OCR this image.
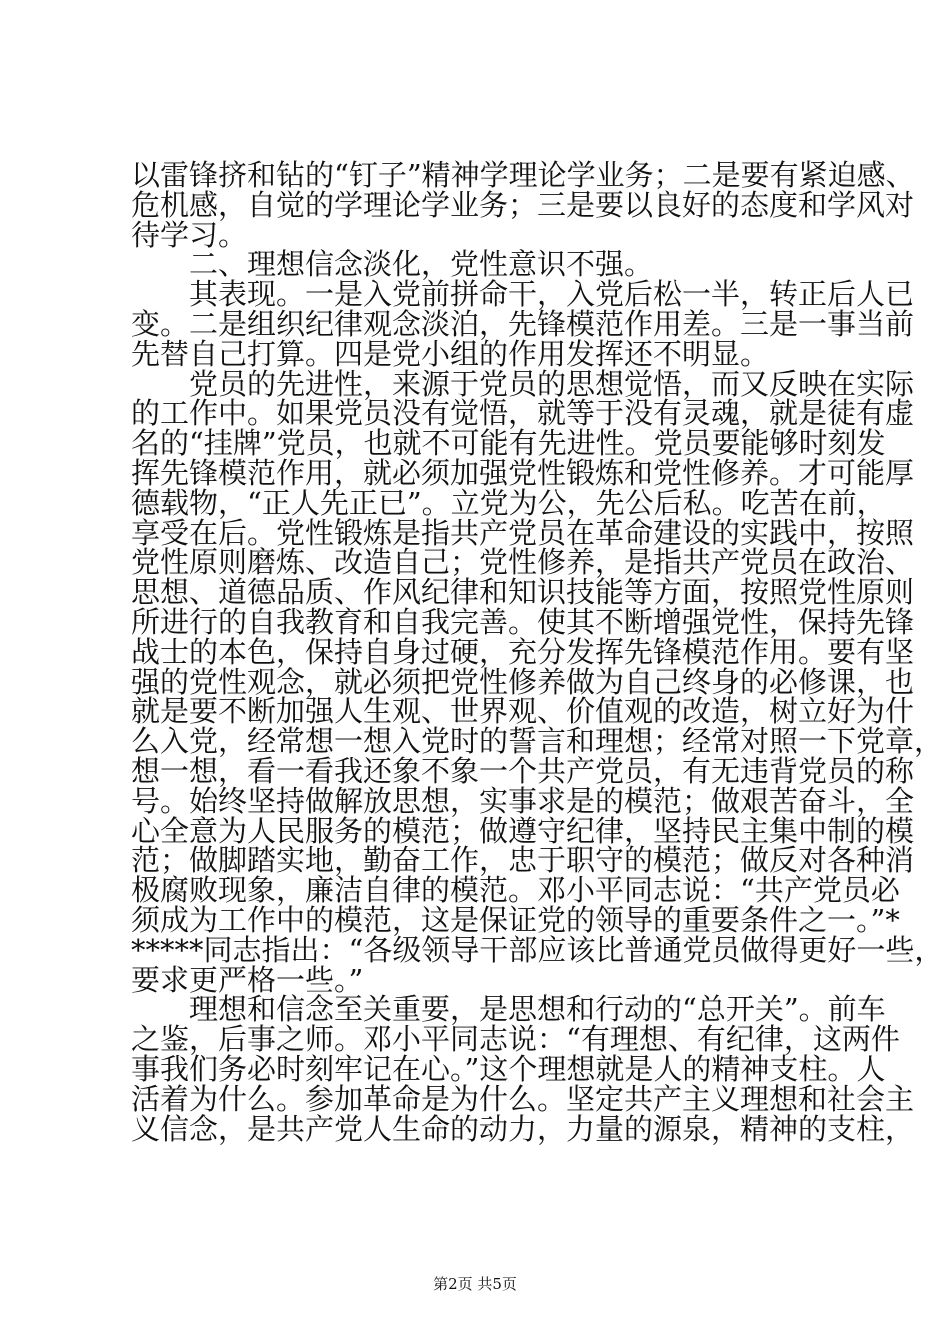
以雷锋挤和钻的“钉子”精神学理论学业务；二是要有紧迫感、
危机感，自觉的学理论学业务；三是要以良好的态度和学风对
待学习。
二、理想信念淡化，党性意识不强。
其表现。一是入党前拼命干，入党后松一半，转正后人已
变。二是组织纪律观念淡泊，先锋模范作用差。三是一事当前
先替自己打算。四是党小组的作用发挥还不明显。
党员的先进性，来源于党员的思想觉悟，而又反映在实际
的工作中。如果党员没有觉悟，就等于没有灵魂，就是徒有虚
名的“挂牌”党员，也就不可能有先进性。党员要能够时刻发
挥先锋模范作用，就必须加强党性锻炼和党性修养。才可能厚
德载物，“正人先正已”。立党为公，先公后私。吃苦在前，
享受在后。党性锻炼是指共产党员在革命建设的实践中，按照
党性原则磨炼、改造自己；党性修养，是指共产党员在政治、
思想、道德品质、作风纪律和知识技能等方面，按照党性原则
所进行的自我教育和自我完善。使其不断增强党性，保持先锋
战士的本色，保持自身过硬，充分发挥先锋模范作用。要有坚
强的党性观念，就必须把党性修养做为自己终身的必修课，也
就是要不断加强人生观、世界观、价值观的改造，树立好为什
么入党，经常想一想入党时的誓言和理想；经常对照一下党章，
想一想，看一看我还象不象一个共产党员，有无违背党员的称
号。始终坚持做解放思想，实事求是的模范；做艰苦奋斗，全
心全意为人民服务的模范；做遵守纪律，坚持民主集中制的模
范；做脚踏实地，勤奋工作，忠于职守的模范；做反对各种消
极腐败现象，廉洁自律的模范。邓小平同志说：“共产党员必
须成为工作中的模范，这是保证党的领导的重要条件之一。”*
*****同志指出：“各级领导干部应该比普通党员做得更好一些，
要求更严格一些。”
理想和信念至关重要，是思想和行动的“总开关”。前车
之鉴，后事之师。邓小平同志说：“有理想、有纪律，这两件
事我们务必时刻牢记在心。”这个理想就是人的精神支柱。人
活着为什么。参加革命是为什么。坚定共产主义理想和社会主
义信念，是共产党人生命的动力，力量的源泉，精神的支柱，
第2页 共5页
